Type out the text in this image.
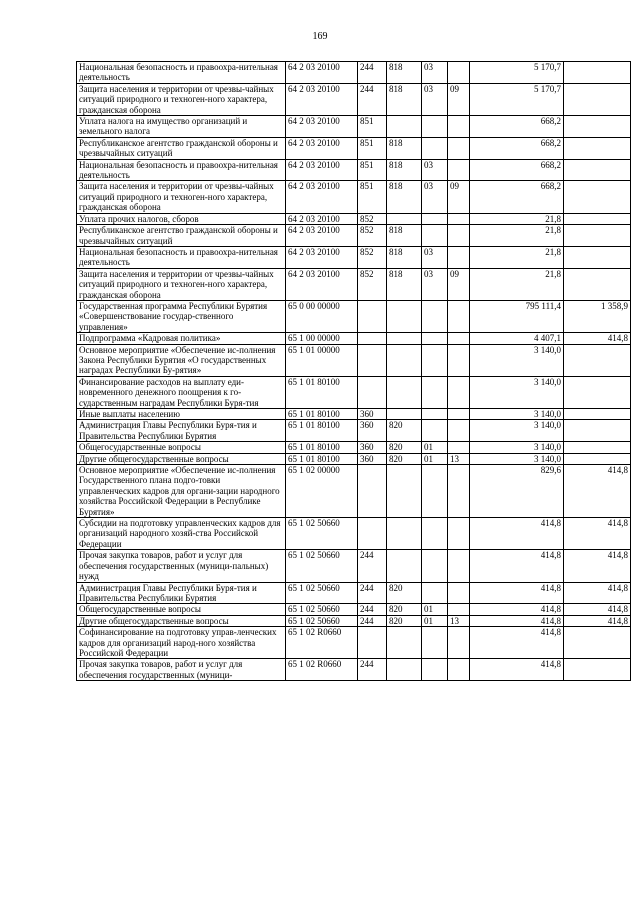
169
Национальная безопасность и правоохра-нительная деятельность	64 2 03 20100	244	818	03		5 170,7	
Защита населения и территории от чрезвы-чайных ситуаций природного и техноген-ного характера, гражданская оборона	64 2 03 20100	244	818	03	09	5 170,7	
Уплата налога на имущество организаций и земельного налога	64 2 03 20100	851				668,2	
Республиканское агентство гражданской обороны и чрезвычайных ситуаций	64 2 03 20100	851	818			668,2	
Национальная безопасность и правоохра-нительная деятельность	64 2 03 20100	851	818	03		668,2	
Защита населения и территории от чрезвы-чайных ситуаций природного и техноген-ного характера, гражданская оборона	64 2 03 20100	851	818	03	09	668,2	
Уплата прочих налогов, сборов	64 2 03 20100	852				21,8	
Республиканское агентство гражданской обороны и чрезвычайных ситуаций	64 2 03 20100	852	818			21,8	
Национальная безопасность и правоохра-нительная деятельность	64 2 03 20100	852	818	03		21,8	
Защита населения и территории от чрезвы-чайных ситуаций природного и техноген-ного характера, гражданская оборона	64 2 03 20100	852	818	03	09	21,8	
Государственная программа Республики Бурятия «Совершенствование государ-ственного управления»	65 0 00 00000					795 111,4	1 358,9
Подпрограмма «Кадровая политика»	65 1 00 00000					4 407,1	414,8
Основное мероприятие «Обеспечение ис-полнения Закона Республики Бурятия «О государственных наградах Республики Бу-рятия»	65 1 01 00000					3 140,0	
Финансирование расходов на выплату еди-новременного денежного поощрения к го-сударственным наградам Республики Буря-тия	65 1 01 80100					3 140,0	
Иные выплаты населению	65 1 01 80100	360				3 140,0	
Администрация Главы Республики Буря-тия и Правительства Республики Бурятия	65 1 01 80100	360	820			3 140,0	
Общегосударственные вопросы	65 1 01 80100	360	820	01		3 140,0	
Другие общегосударственные вопросы	65 1 01 80100	360	820	01	13	3 140,0	
Основное мероприятие «Обеспечение ис-полнения Государственного плана подго-товки управленческих кадров для органи-зации народного хозяйства Российской Федерации в Республике Бурятия»	65 1 02 00000					829,6	414,8
Субсидии на подготовку управленческих кадров для организаций народного хозяй-ства Российской Федерации	65 1 02 50660					414,8	414,8
Прочая закупка товаров, работ и услуг для обеспечения государственных (муници-пальных) нужд	65 1 02 50660	244				414,8	414,8
Администрация Главы Республики Буря-тия и Правительства Республики Бурятия	65 1 02 50660	244	820			414,8	414,8
Общегосударственные вопросы	65 1 02 50660	244	820	01		414,8	414,8
Другие общегосударственные вопросы	65 1 02 50660	244	820	01	13	414,8	414,8
Софинансирование на подготовку управ-ленческих кадров для организаций народ-ного хозяйства Российской Федерации	65 1 02 R0660					414,8	
Прочая закупка товаров, работ и услуг для обеспечения государственных (муници-	65 1 02 R0660	244				414,8	
